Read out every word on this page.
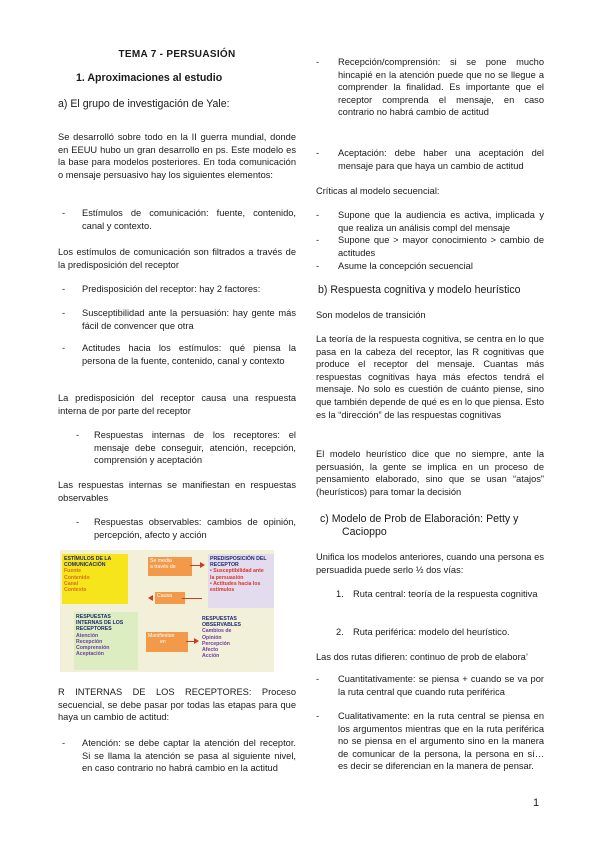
TEMA 7 - PERSUASIÓN
1. Aproximaciones al estudio
a) El grupo de investigación de Yale:

Se desarrolló sobre todo en la II guerra mundial, donde en EEUU hubo un gran desarrollo en ps. Este modelo es la base para modelos posteriores. En toda comunicación o mensaje persuasivo hay los siguientes elementos:

- Estímulos de comunicación: fuente, contenido, canal y contexto.

Los estímulos de comunicación son filtrados a través de la predisposición del receptor

- Predisposición del receptor: hay 2 factores:
- Susceptibilidad ante la persuasión: hay gente más fácil de convencer que otra
- Actitudes hacia los estímulos: qué piensa la persona de la fuente, contenido, canal y contexto

La predisposición del receptor causa una respuesta interna de por parte del receptor

- Respuestas internas de los receptores: el mensaje debe conseguir, atención, recepción, comprensión y aceptación

Las respuestas internas se manifiestan en respuestas observables

- Respuestas observables: cambios de opinión, percepción, afecto y acción

R INTERNAS DE LOS RECEPTORES: Proceso secuencial, se debe pasar por todas las etapas para que haya un cambio de actitud:

- Atención: se debe captar la atención del receptor. Si se llama la atención se pasa al siguiente nivel, en caso contrario no habrá cambio en la actitud
ESTÍMULOS DE LA
COMUNICACIÓN
Fuente
Contenido
Canal
Contexto
Se media
a través de
PREDISPOSICIÓN DEL
RECEPTOR
• Susceptibilidad ante
la persuasión
• Actitudes hacia los
estímulos
Causa
RESPUESTAS
INTERNAS DE LOS
RECEPTORES
Atención
Recepción
Comprensión
Aceptación
Manifiestan
en
RESPUESTAS
OBSERVABLES
Cambios de
Opinión
Percepción
Afecto
Acción
- Recepción/comprensión: si se pone mucho hincapié en la atención puede que no se llegue a comprender la finalidad. Es importante que el receptor comprenda el mensaje, en caso contrario no habrá cambio de actitud
- Aceptación: debe haber una aceptación del mensaje para que haya un cambio de actitud
Críticas al modelo secuencial:
- Supone que la audiencia es activa, implicada y que realiza un análisis compl del mensaje
- Supone que > mayor conocimiento > cambio de actitudes
- Asume la concepción secuencial
b) Respuesta cognitiva y modelo heurístico
Son modelos de transición

La teoría de la respuesta cognitiva, se centra en lo que pasa en la cabeza del receptor, las R cognitivas que produce el receptor del mensaje. Cuantas más respuestas cognitivas haya más efectos tendrá el mensaje. No solo es cuestión de cuánto piense, sino que también depende de qué es en lo que piensa. Esto es la “dirección” de las respuestas cognitivas

El modelo heurístico dice que no siempre, ante la persuasión, la gente se implica en un proceso de pensamiento elaborado, sino que se usan “atajos” (heurísticos) para tomar la decisión

c) Modelo de Prob de Elaboración: Petty y
Cacioppo

Unifica los modelos anteriores, cuando una persona es persuadida puede serlo ½ dos vías:

1. Ruta central: teoría de la respuesta cognitiva
2. Ruta periférica: modelo del heurístico.
Las dos rutas difieren: continuo de prob de elabora’
- Cuantitativamente: se piensa + cuando se va por la ruta central que cuando ruta periférica
- Cualitativamente: en la ruta central se piensa en los argumentos mientras que en la ruta periférica no se piensa en el argumento sino en la manera de comunicar de la persona, la persona en sí… es decir se diferencian en la manera de pensar.
1
